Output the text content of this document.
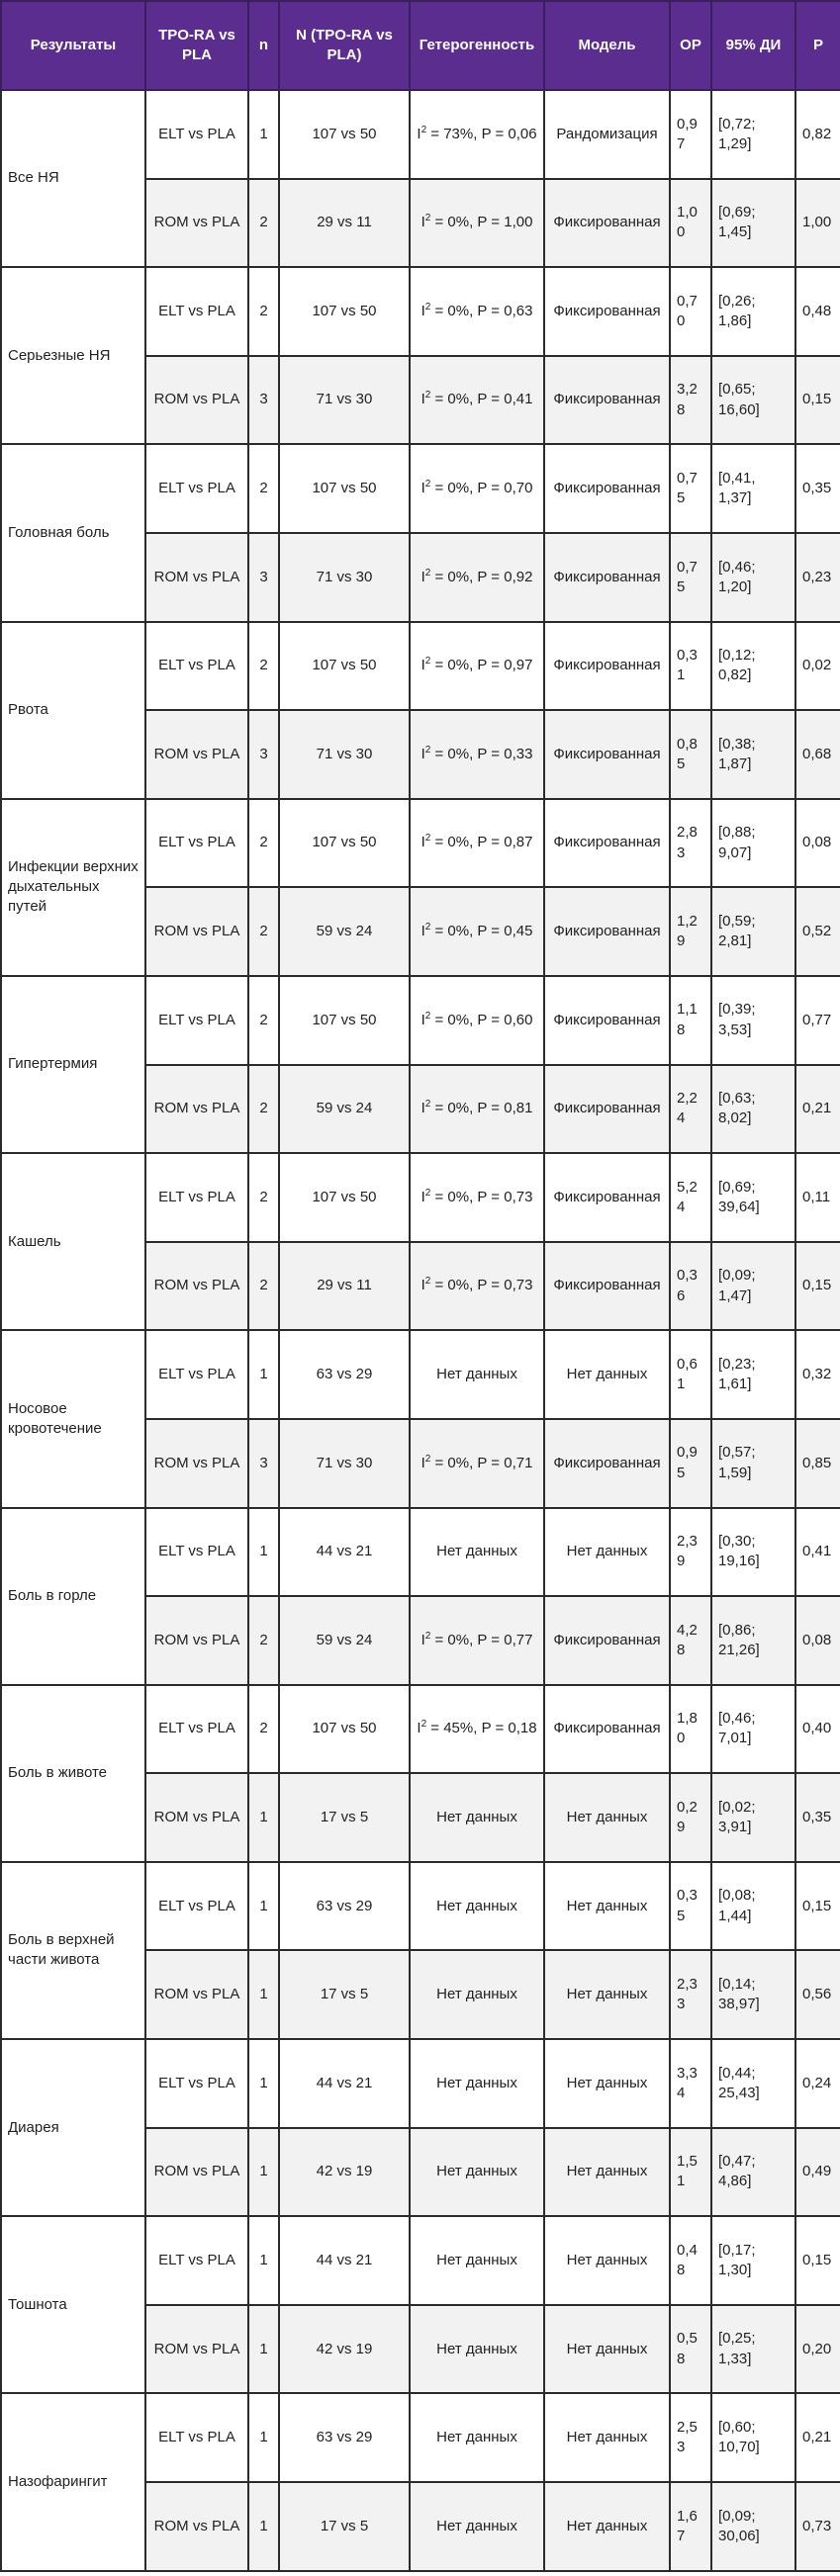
Результаты	TPO-RA vs PLA	n	N (TPO-RA vs PLA)	Гетерогенность	Модель	ОР	95% ДИ	P
Все НЯ	ELT vs PLA	1	107 vs 50	$I^2 = 73\%$, P = 0,06	Рандомизация	0,97	[0,72; 1,29]	0,82
	ROM vs PLA	2	29 vs 11	$I^2 = 0\%$, P = 1,00	Фиксированная	1,00	[0,69; 1,45]	1,00
Серьезные НЯ	ELT vs PLA	2	107 vs 50	$I^2 = 0\%$, P = 0,63	Фиксированная	0,70	[0,26; 1,86]	0,48
	ROM vs PLA	3	71 vs 30	$I^2 = 0\%$, P = 0,41	Фиксированная	3,28	[0,65; 16,60]	0,15
Головная боль	ELT vs PLA	2	107 vs 50	$I^2 = 0\%$, P = 0,70	Фиксированная	0,75	[0,41, 1,37]	0,35
	ROM vs PLA	3	71 vs 30	$I^2 = 0\%$, P = 0,92	Фиксированная	0,75	[0,46; 1,20]	0,23
Рвота	ELT vs PLA	2	107 vs 50	$I^2 = 0\%$, P = 0,97	Фиксированная	0,31	[0,12; 0,82]	0,02
	ROM vs PLA	3	71 vs 30	$I^2 = 0\%$, P = 0,33	Фиксированная	0,85	[0,38; 1,87]	0,68
Инфекции верхних дыхательных путей	ELT vs PLA	2	107 vs 50	$I^2 = 0\%$, P = 0,87	Фиксированная	2,83	[0,88; 9,07]	0,08
	ROM vs PLA	2	59 vs 24	$I^2 = 0\%$, P = 0,45	Фиксированная	1,29	[0,59; 2,81]	0,52
Гипертермия	ELT vs PLA	2	107 vs 50	$I^2 = 0\%$, P = 0,60	Фиксированная	1,18	[0,39; 3,53]	0,77
	ROM vs PLA	2	59 vs 24	$I^2 = 0\%$, P = 0,81	Фиксированная	2,24	[0,63; 8,02]	0,21
Кашель	ELT vs PLA	2	107 vs 50	$I^2 = 0\%$, P = 0,73	Фиксированная	5,24	[0,69; 39,64]	0,11
	ROM vs PLA	2	29 vs 11	$I^2 = 0\%$, P = 0,73	Фиксированная	0,36	[0,09; 1,47]	0,15
Носовое кровотечение	ELT vs PLA	1	63 vs 29	Нет данных	Нет данных	0,61	[0,23; 1,61]	0,32
	ROM vs PLA	3	71 vs 30	$I^2 = 0\%$, P = 0,71	Фиксированная	0,95	[0,57; 1,59]	0,85
Боль в горле	ELT vs PLA	1	44 vs 21	Нет данных	Нет данных	2,39	[0,30; 19,16]	0,41
	ROM vs PLA	2	59 vs 24	$I^2 = 0\%$, P = 0,77	Фиксированная	4,28	[0,86; 21,26]	0,08
Боль в животе	ELT vs PLA	2	107 vs 50	$I^2 = 45\%$, P = 0,18	Фиксированная	1,80	[0,46; 7,01]	0,40
	ROM vs PLA	1	17 vs 5	Нет данных	Нет данных	0,29	[0,02; 3,91]	0,35
Боль в верхней части живота	ELT vs PLA	1	63 vs 29	Нет данных	Нет данных	0,35	[0,08; 1,44]	0,15
	ROM vs PLA	1	17 vs 5	Нет данных	Нет данных	2,33	[0,14; 38,97]	0,56
Диарея	ELT vs PLA	1	44 vs 21	Нет данных	Нет данных	3,34	[0,44; 25,43]	0,24
	ROM vs PLA	1	42 vs 19	Нет данных	Нет данных	1,51	[0,47; 4,86]	0,49
Тошнота	ELT vs PLA	1	44 vs 21	Нет данных	Нет данных	0,48	[0,17; 1,30]	0,15
	ROM vs PLA	1	42 vs 19	Нет данных	Нет данных	0,58	[0,25; 1,33]	0,20
Назофарингит	ELT vs PLA	1	63 vs 29	Нет данных	Нет данных	2,53	[0,60; 10,70]	0,21
	ROM vs PLA	1	17 vs 5	Нет данных	Нет данных	1,67	[0,09; 30,06]	0,73
